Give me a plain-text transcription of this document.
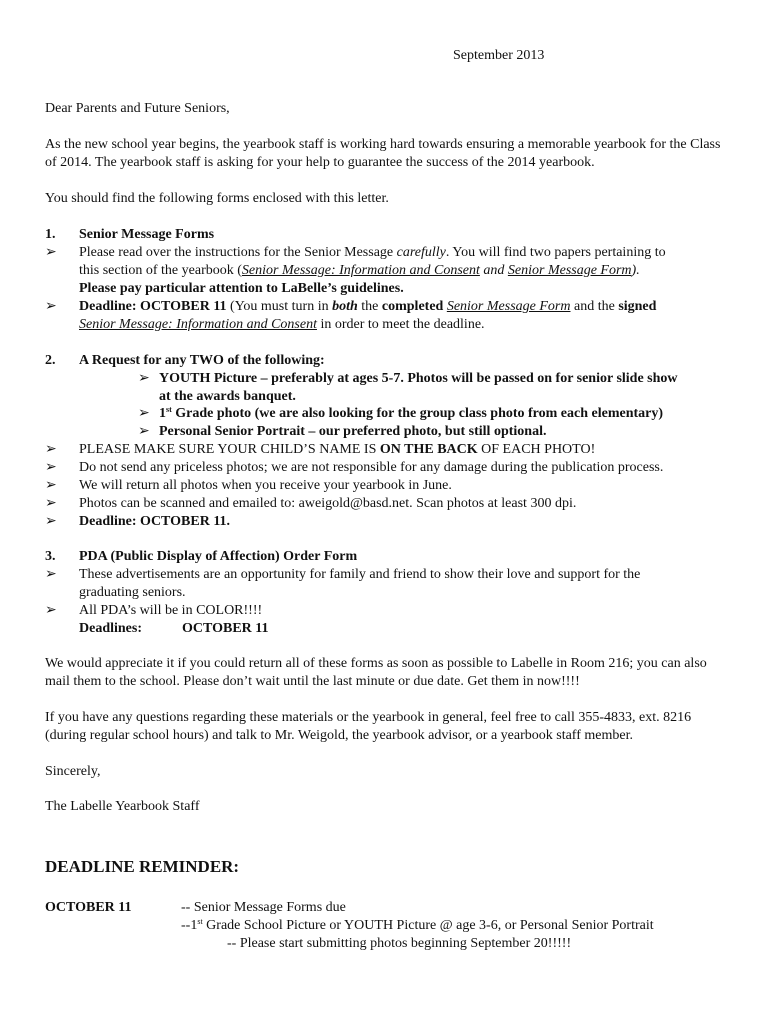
September 2013
Dear Parents and Future Seniors,
As the new school year begins, the yearbook staff is working hard towards ensuring a memorable yearbook for the Class of 2014. The yearbook staff is asking for your help to guarantee the success of the 2014 yearbook.
You should find the following forms enclosed with this letter.
1. Senior Message Forms
➢ Please read over the instructions for the Senior Message carefully. You will find two papers pertaining to
this section of the yearbook (Senior Message: Information and Consent and Senior Message Form).
Please pay particular attention to LaBelle’s guidelines.
➢ Deadline: OCTOBER 11 (You must turn in both the completed Senior Message Form and the signed
Senior Message: Information and Consent in order to meet the deadline.
2. A Request for any TWO of the following:
➢ YOUTH Picture – preferably at ages 5-7. Photos will be passed on for senior slide show
at the awards banquet.
➢ 1st Grade photo (we are also looking for the group class photo from each elementary)
➢ Personal Senior Portrait – our preferred photo, but still optional.
➢ PLEASE MAKE SURE YOUR CHILD’S NAME IS ON THE BACK OF EACH PHOTO!
➢ Do not send any priceless photos; we are not responsible for any damage during the publication process.
➢ We will return all photos when you receive your yearbook in June.
➢ Photos can be scanned and emailed to: aweigold@basd.net. Scan photos at least 300 dpi.
➢ Deadline: OCTOBER 11.
3. PDA (Public Display of Affection) Order Form
➢ These advertisements are an opportunity for family and friend to show their love and support for the
graduating seniors.
➢ All PDA’s will be in COLOR!!!!
Deadlines:	OCTOBER 11
We would appreciate it if you could return all of these forms as soon as possible to Labelle in Room 216; you can also mail them to the school. Please don’t wait until the last minute or due date. Get them in now!!!!
If you have any questions regarding these materials or the yearbook in general, feel free to call 355-4833, ext. 8216 (during regular school hours) and talk to Mr. Weigold, the yearbook advisor, or a yearbook staff member.
Sincerely,
The Labelle Yearbook Staff
DEADLINE REMINDER:
OCTOBER 11	-- Senior Message Forms due
--1st Grade School Picture or YOUTH Picture @ age 3-6, or Personal Senior Portrait
-- Please start submitting photos beginning September 20!!!!!
